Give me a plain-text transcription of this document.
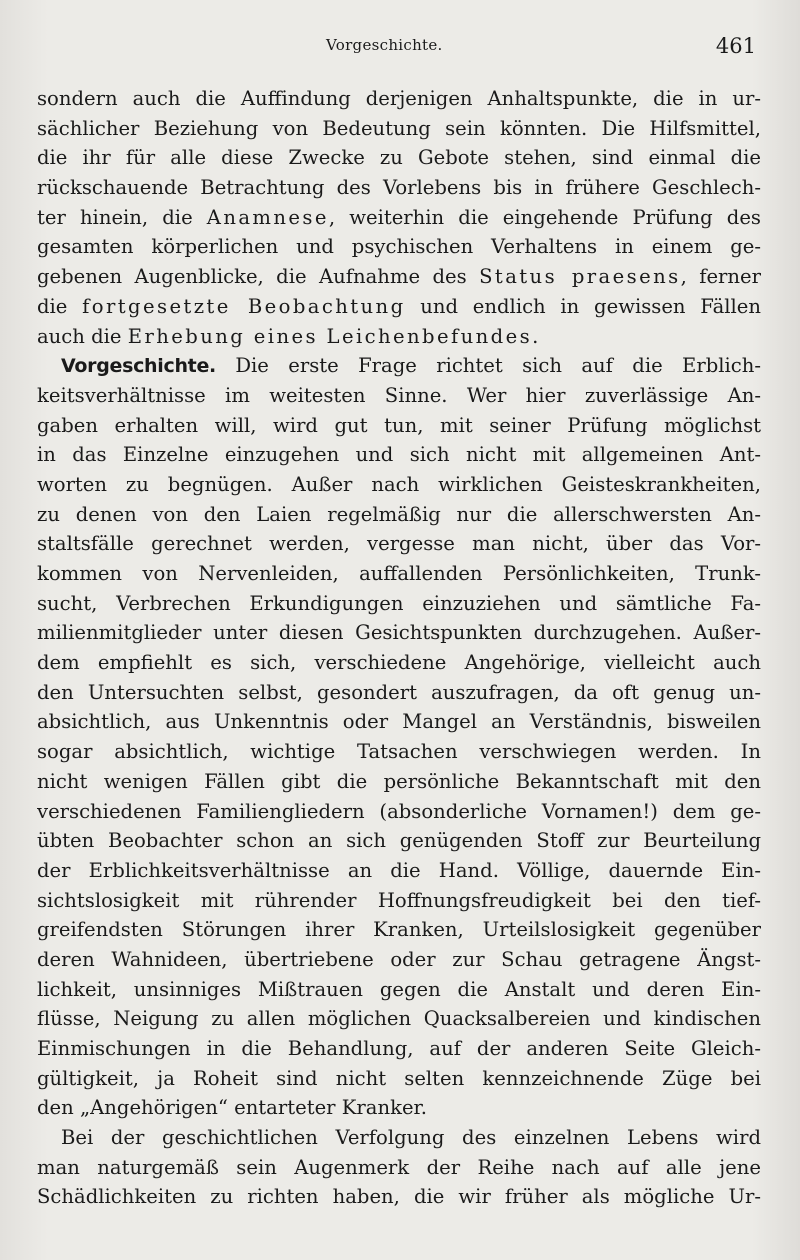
Vorgeschichte.	461
sondern auch die Auffindung derjenigen Anhaltspunkte, die in ur-
sächlicher Beziehung von Bedeutung sein könnten. Die Hilfsmittel,
die ihr für alle diese Zwecke zu Gebote stehen, sind einmal die
rückschauende Betrachtung des Vorlebens bis in frühere Geschlech-
ter hinein, die Anamnese, weiterhin die eingehende Prüfung des
gesamten körperlichen und psychischen Verhaltens in einem ge-
gebenen Augenblicke, die Aufnahme des Status praesens, ferner
die fortgesetzte Beobachtung und endlich in gewissen Fällen
auch die Erhebung eines Leichenbefundes.
Vorgeschichte. Die erste Frage richtet sich auf die Erblich-
keitsverhältnisse im weitesten Sinne. Wer hier zuverlässige An-
gaben erhalten will, wird gut tun, mit seiner Prüfung möglichst
in das Einzelne einzugehen und sich nicht mit allgemeinen Ant-
worten zu begnügen. Außer nach wirklichen Geisteskrankheiten,
zu denen von den Laien regelmäßig nur die allerschwersten An-
staltsfälle gerechnet werden, vergesse man nicht, über das Vor-
kommen von Nervenleiden, auffallenden Persönlichkeiten, Trunk-
sucht, Verbrechen Erkundigungen einzuziehen und sämtliche Fa-
milienmitglieder unter diesen Gesichtspunkten durchzugehen. Außer-
dem empfiehlt es sich, verschiedene Angehörige, vielleicht auch
den Untersuchten selbst, gesondert auszufragen, da oft genug un-
absichtlich, aus Unkenntnis oder Mangel an Verständnis, bisweilen
sogar absichtlich, wichtige Tatsachen verschwiegen werden. In
nicht wenigen Fällen gibt die persönliche Bekanntschaft mit den
verschiedenen Familiengliedern (absonderliche Vornamen!) dem ge-
übten Beobachter schon an sich genügenden Stoff zur Beurteilung
der Erblichkeitsverhältnisse an die Hand. Völlige, dauernde Ein-
sichtslosigkeit mit rührender Hoffnungsfreudigkeit bei den tief-
greifendsten Störungen ihrer Kranken, Urteilslosigkeit gegenüber
deren Wahnideen, übertriebene oder zur Schau getragene Ängst-
lichkeit, unsinniges Mißtrauen gegen die Anstalt und deren Ein-
flüsse, Neigung zu allen möglichen Quacksalbereien und kindischen
Einmischungen in die Behandlung, auf der anderen Seite Gleich-
gültigkeit, ja Roheit sind nicht selten kennzeichnende Züge bei
den „Angehörigen“ entarteter Kranker.
Bei der geschichtlichen Verfolgung des einzelnen Lebens wird
man naturgemäß sein Augenmerk der Reihe nach auf alle jene
Schädlichkeiten zu richten haben, die wir früher als mögliche Ur-
